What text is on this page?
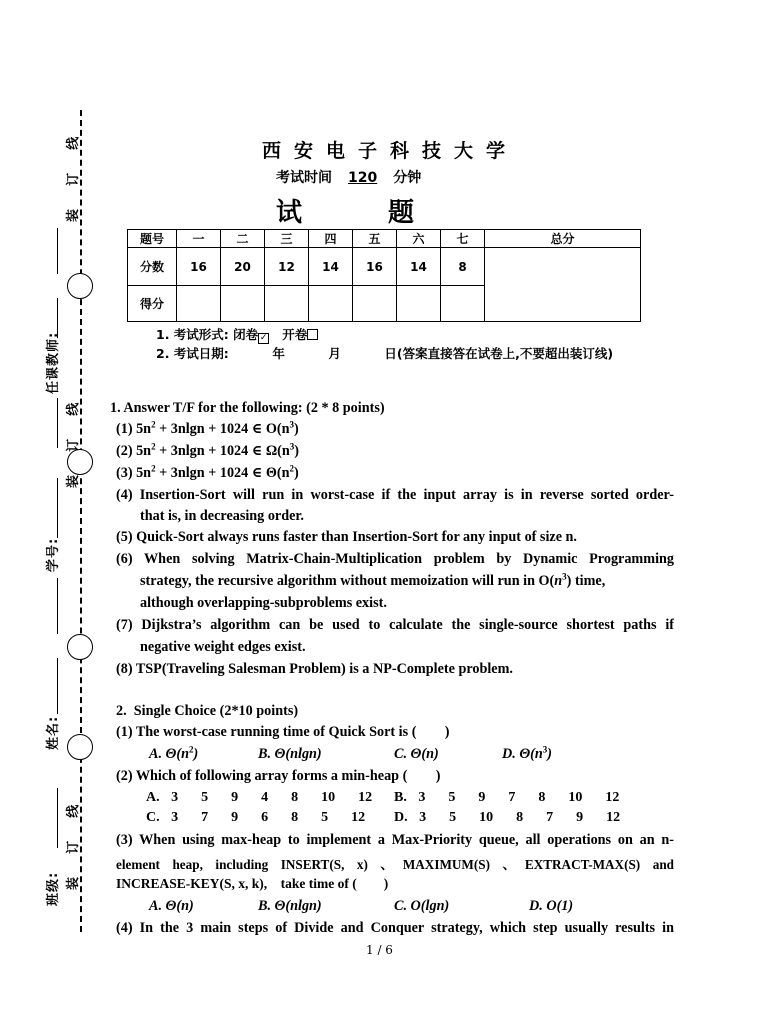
装    订    线
任课教师:
装    订    线
学号:
姓名:
装    订    线
班级:
西安电子科技大学
考试时间 120 分钟
试题
题号	一	二	三	四	五	六	七	总分
分数	16	20	12	14	16	14	8	
得分								
1. 考试形式: 闭卷 ✓ 开卷
2. 考试日期:          年          月          日(答案直接答在试卷上,不要超出装订线)
1. Answer T/F for the following: (2 * 8 points)
(1) $5n^2 + 3nlgn + 1024$ ∈ $O(n^3)$
(2) $5n^2 + 3nlgn + 1024$ ∈ $\Omega(n^3)$
(3) $5n^2 + 3nlgn + 1024$ ∈ $\Theta(n^2)$
(4) Insertion-Sort will run in worst-case if the input array is in reverse sorted order-
that is, in decreasing order.
(5) Quick-Sort always runs faster than Insertion-Sort for any input of size n.
(6) When solving Matrix-Chain-Multiplication problem by Dynamic Programming
strategy, the recursive algorithm without memoization will run in $O(n^3)$ time,
although overlapping-subproblems exist.
(7) Dijkstra’s algorithm can be used to calculate the single-source shortest paths if
negative weight edges exist.
(8) TSP(Traveling Salesman Problem) is a NP-Complete problem.
2.  Single Choice (2*10 points)
(1) The worst-case running time of Quick Sort is (        )
A. $\Theta(n^2)$	B. Θ(nlgn)	C. Θ(n)	D. $\Theta(n^3)$
(2) Which of following array forms a min-heap (        )
A. 3  5  9  4  8  10  12 B. 3  5  9  7  8  10  12
C. 3  7  9  6  8  5  12 D. 3  5  10  8  7  9  12
(3) When using max-heap to implement a Max-Priority queue, all operations on an n-
element heap, including INSERT(S, x) 、MAXIMUM(S) 、EXTRACT-MAX(S) and
INCREASE-KEY(S, x, k),    take time of (        )
A. Θ(n)	B. Θ(nlgn)	C. O(lgn)	D. O(1)
(4) In the 3 main steps of Divide and Conquer strategy, which step usually results in
1 / 6
